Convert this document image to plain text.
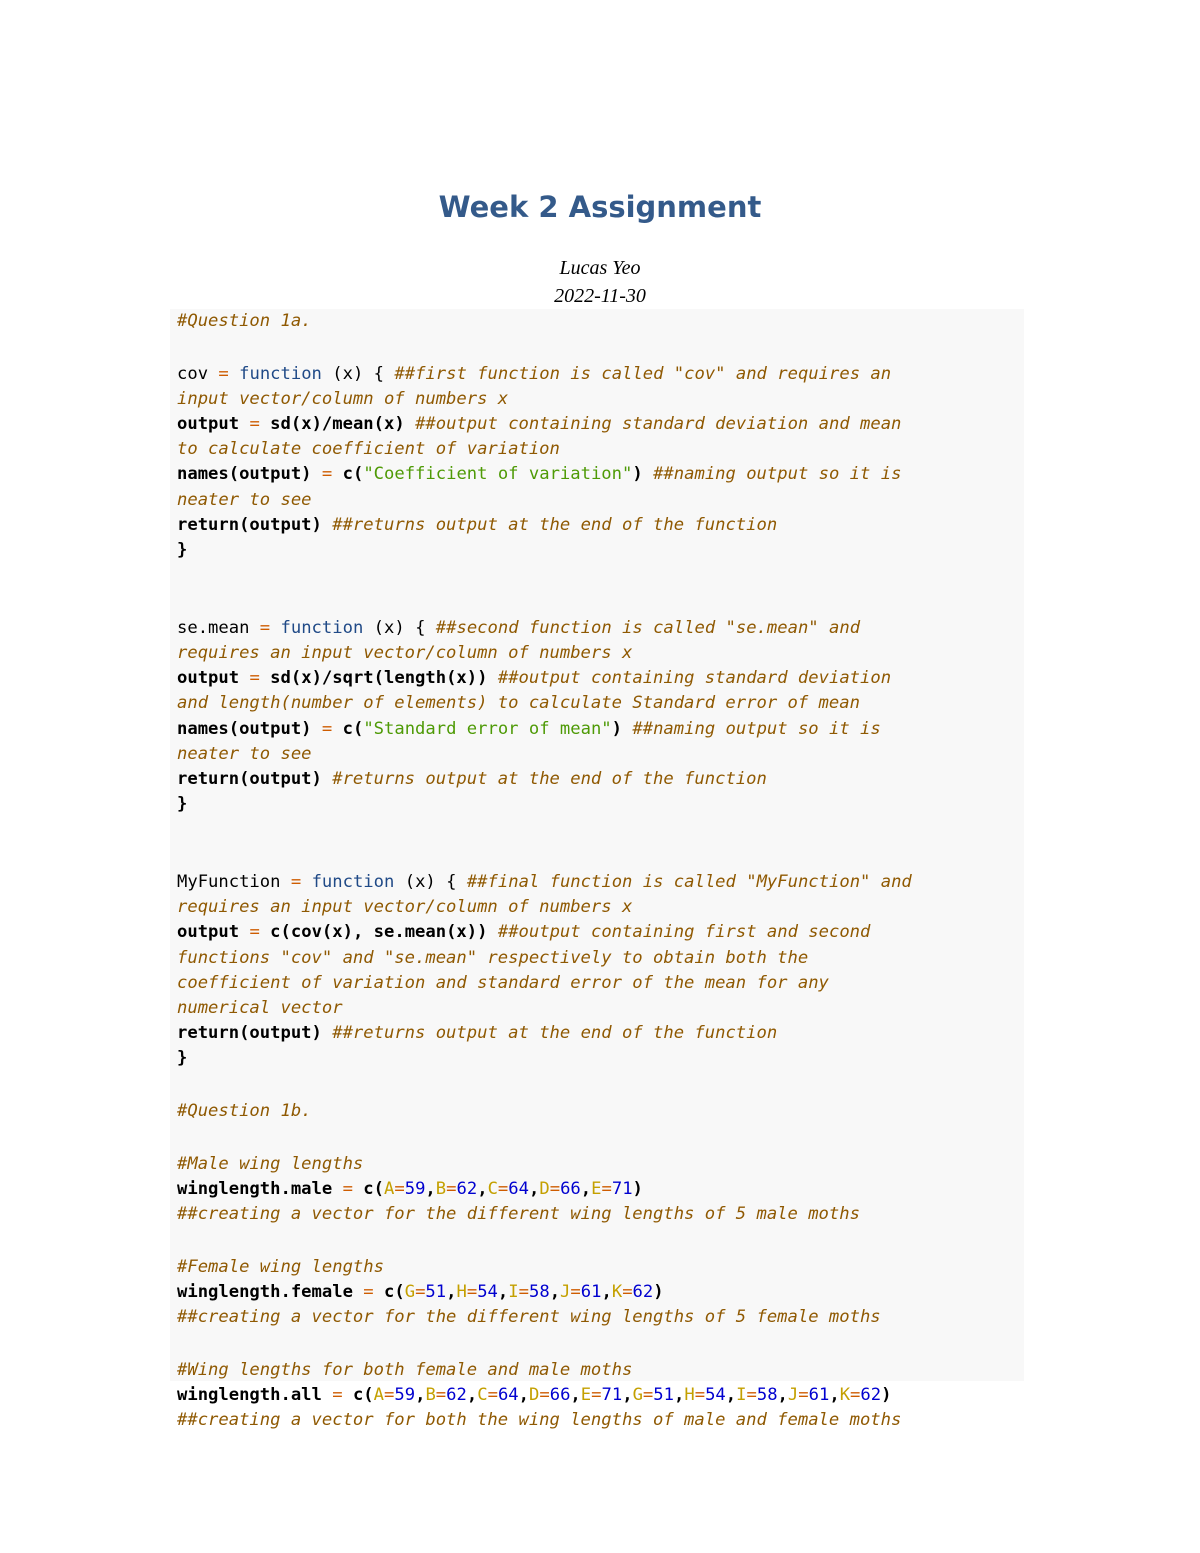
Week 2 Assignment
Lucas Yeo
2022-11-30
#Question 1a.
cov = function (x) { ##first function is called "cov" and requires an
input vector/column of numbers x
output = sd(x)/mean(x) ##output containing standard deviation and mean
to calculate coefficient of variation
names(output) = c("Coefficient of variation") ##naming output so it is
neater to see
return(output) ##returns output at the end of the function
}
se.mean = function (x) { ##second function is called "se.mean" and
requires an input vector/column of numbers x
output = sd(x)/sqrt(length(x)) ##output containing standard deviation
and length(number of elements) to calculate Standard error of mean
names(output) = c("Standard error of mean") ##naming output so it is
neater to see
return(output) #returns output at the end of the function
}
MyFunction = function (x) { ##final function is called "MyFunction" and
requires an input vector/column of numbers x
output = c(cov(x), se.mean(x)) ##output containing first and second
functions "cov" and "se.mean" respectively to obtain both the
coefficient of variation and standard error of the mean for any
numerical vector
return(output) ##returns output at the end of the function
}
#Question 1b.
#Male wing lengths
winglength.male = c(A=59,B=62,C=64,D=66,E=71)
##creating a vector for the different wing lengths of 5 male moths
#Female wing lengths
winglength.female = c(G=51,H=54,I=58,J=61,K=62)
##creating a vector for the different wing lengths of 5 female moths
#Wing lengths for both female and male moths
winglength.all = c(A=59,B=62,C=64,D=66,E=71,G=51,H=54,I=58,J=61,K=62)
##creating a vector for both the wing lengths of male and female moths
